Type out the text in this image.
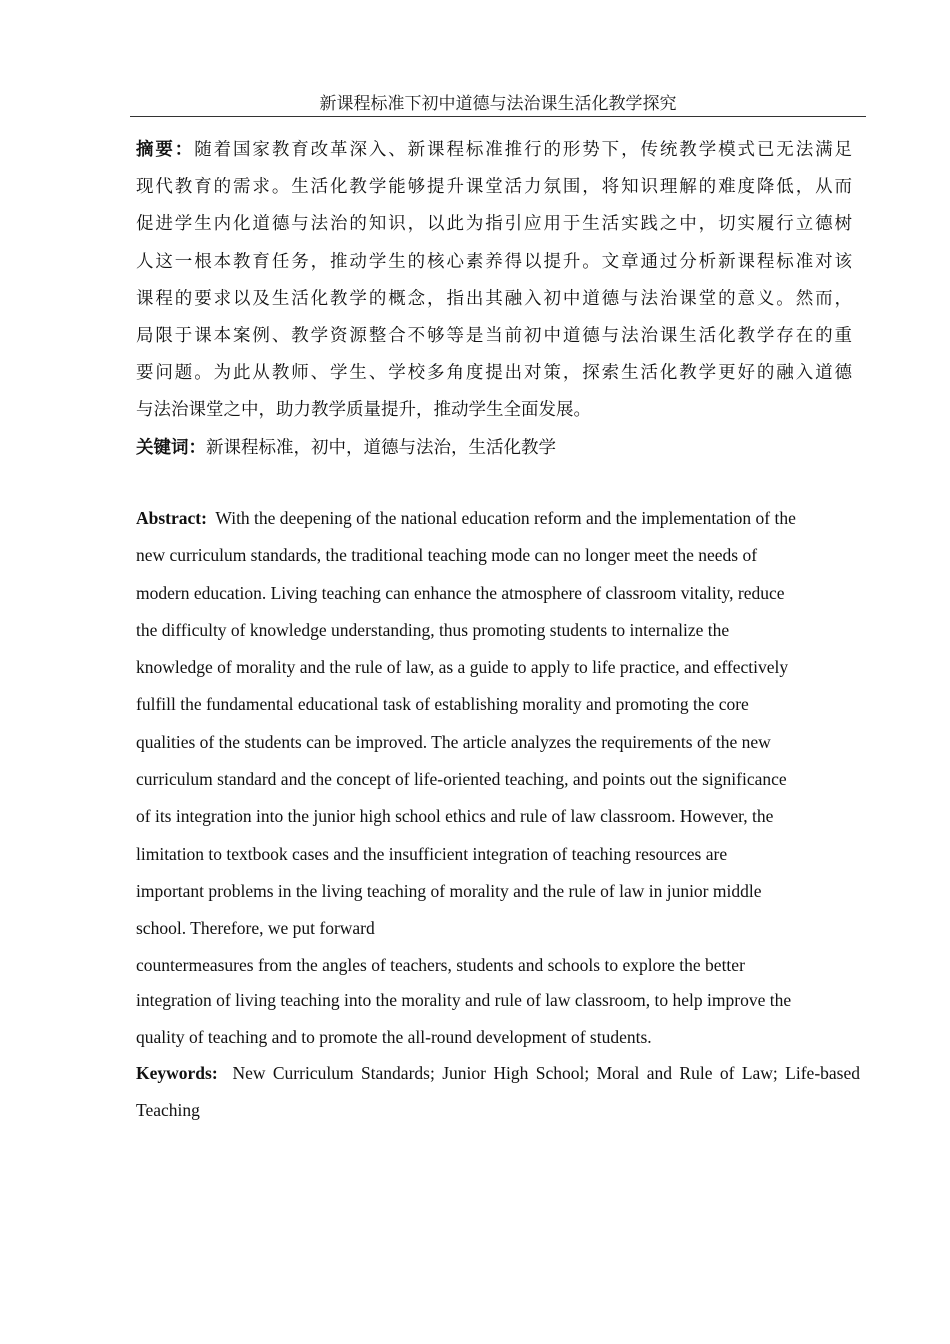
新课程标准下初中道德与法治课生活化教学探究
摘要：随着国家教育改革深入、新课程标准推行的形势下，传统教学模式已无法满足
现代教育的需求。生活化教学能够提升课堂活力氛围，将知识理解的难度降低，从而
促进学生内化道德与法治的知识，以此为指引应用于生活实践之中，切实履行立德树
人这一根本教育任务，推动学生的核心素养得以提升。文章通过分析新课程标准对该
课程的要求以及生活化教学的概念，指出其融入初中道德与法治课堂的意义。然而，
局限于课本案例、教学资源整合不够等是当前初中道德与法治课生活化教学存在的重
要问题。为此从教师、学生、学校多角度提出对策，探索生活化教学更好的融入道德
与法治课堂之中，助力教学质量提升，推动学生全面发展。
关键词：新课程标准，初中，道德与法治，生活化教学
Abstract: With the deepening of the national education reform and the implementation of the
new curriculum standards, the traditional teaching mode can no longer meet the needs of
modern education. Living teaching can enhance the atmosphere of classroom vitality, reduce
the difficulty of knowledge understanding, thus promoting students to internalize the
knowledge of morality and the rule of law, as a guide to apply to life practice, and effectively
fulfill the fundamental educational task of establishing morality and promoting the core
qualities of the students can be improved. The article analyzes the requirements of the new
curriculum standard and the concept of life-oriented teaching, and points out the significance
of its integration into the junior high school ethics and rule of law classroom. However, the
limitation to textbook cases and the insufficient integration of teaching resources are
important problems in the living teaching of morality and the rule of law in junior middle
school. Therefore, we put forward
countermeasures from the angles of teachers, students and schools to explore the better
integration of living teaching into the morality and rule of law classroom, to help improve the
quality of teaching and to promote the all-round development of students.
Keywords: New Curriculum Standards; Junior High School; Moral and Rule of Law; Life-based Teaching
